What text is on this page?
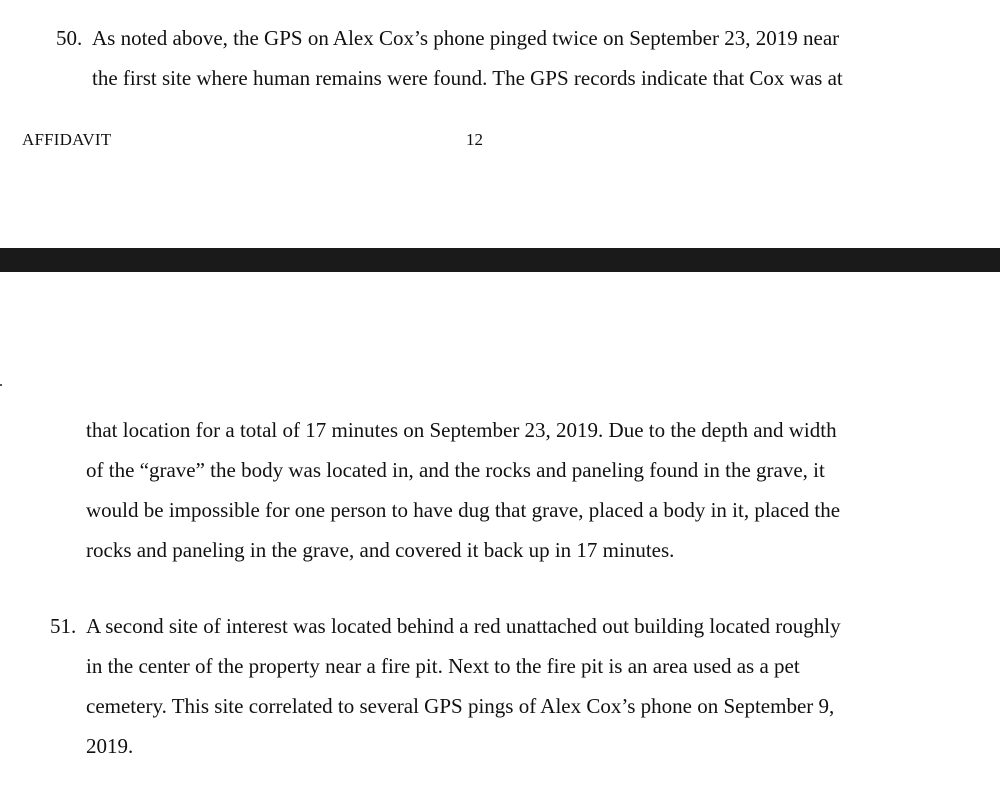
50. As noted above, the GPS on Alex Cox’s phone pinged twice on September 23, 2019 near
the first site where human remains were found. The GPS records indicate that Cox was at
AFFIDAVIT	12
that location for a total of 17 minutes on September 23, 2019. Due to the depth and width
of the “grave” the body was located in, and the rocks and paneling found in the grave, it
would be impossible for one person to have dug that grave, placed a body in it, placed the
rocks and paneling in the grave, and covered it back up in 17 minutes.
51. A second site of interest was located behind a red unattached out building located roughly
in the center of the property near a fire pit. Next to the fire pit is an area used as a pet
cemetery. This site correlated to several GPS pings of Alex Cox’s phone on September 9,
2019.
